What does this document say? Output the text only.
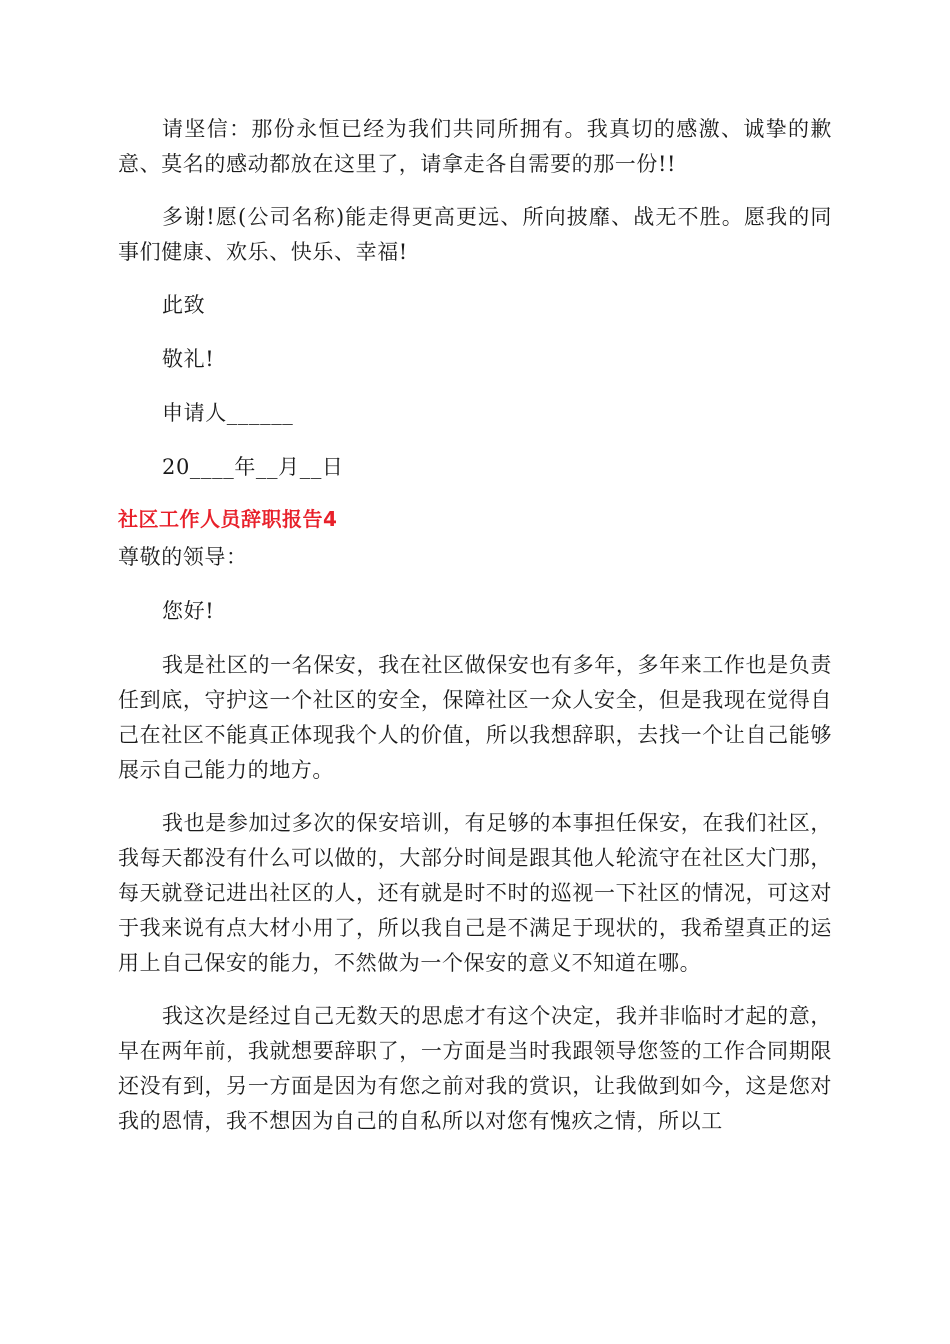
请坚信：那份永恒已经为我们共同所拥有。我真切的感激、诚挚的歉意、莫名的感动都放在这里了，请拿走各自需要的那一份!!

多谢!愿(公司名称)能走得更高更远、所向披靡、战无不胜。愿我的同事们健康、欢乐、快乐、幸福!

此致

敬礼!

申请人______

20____年__月__日

社区工作人员辞职报告4

尊敬的领导：

您好!

我是社区的一名保安，我在社区做保安也有多年，多年来工作也是负责任到底，守护这一个社区的安全，保障社区一众人安全，但是我现在觉得自己在社区不能真正体现我个人的价值，所以我想辞职，去找一个让自己能够展示自己能力的地方。

我也是参加过多次的保安培训，有足够的本事担任保安，在我们社区，我每天都没有什么可以做的，大部分时间是跟其他人轮流守在社区大门那，每天就登记进出社区的人，还有就是时不时的巡视一下社区的情况，可这对于我来说有点大材小用了，所以我自己是不满足于现状的，我希望真正的运用上自己保安的能力，不然做为一个保安的意义不知道在哪。

我这次是经过自己无数天的思虑才有这个决定，我并非临时才起的意，早在两年前，我就想要辞职了，一方面是当时我跟领导您签的工作合同期限还没有到，另一方面是因为有您之前对我的赏识，让我做到如今，这是您对我的恩情，我不想因为自己的自私所以对您有愧疚之情，所以工
